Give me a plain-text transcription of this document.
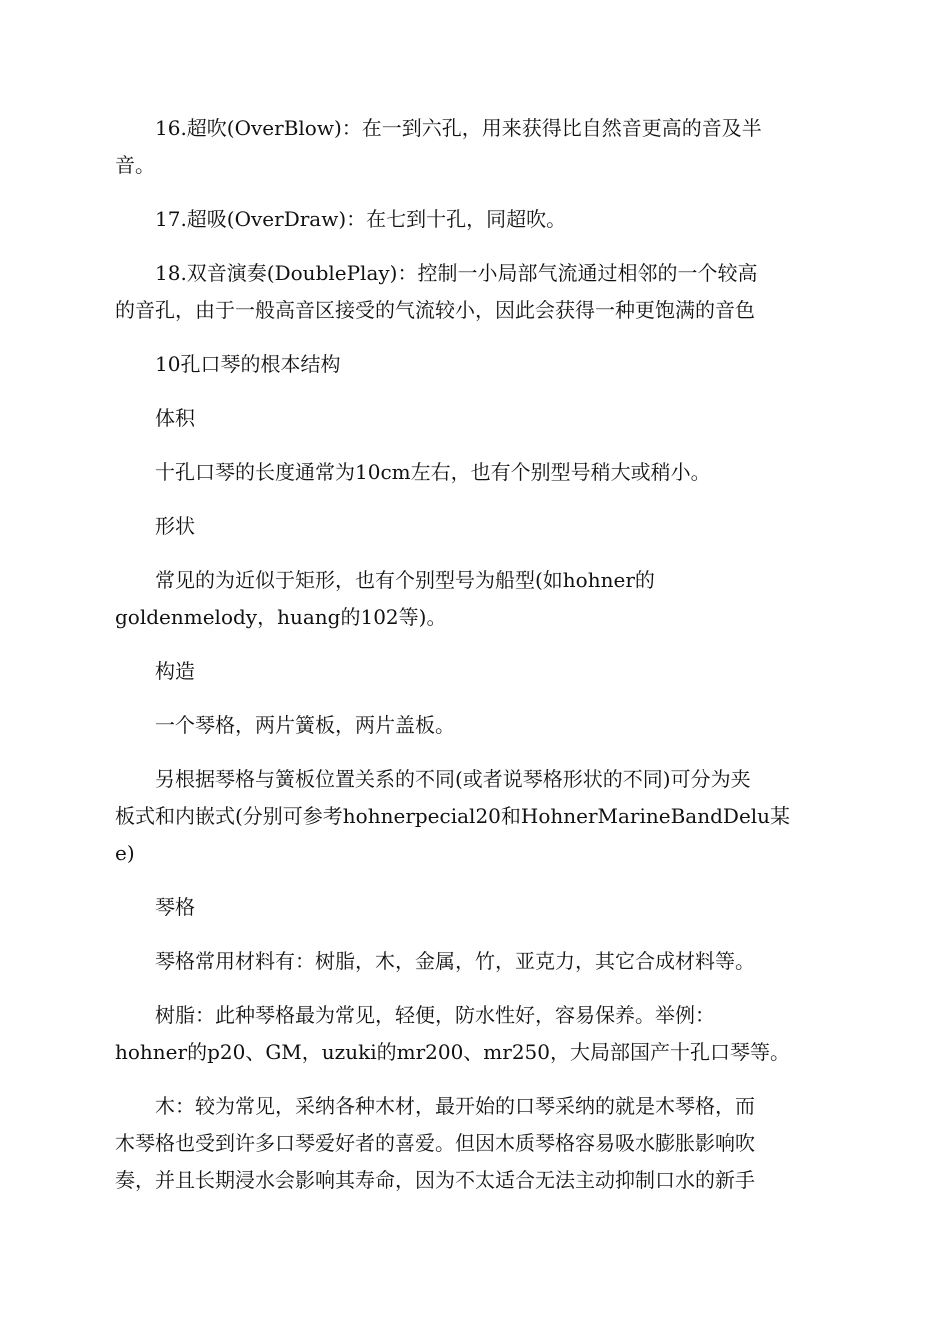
16.超吹(OverBlow)：在一到六孔，用来获得比自然音更高的音及半
音。

17.超吸(OverDraw)：在七到十孔，同超吹。

18.双音演奏(DoublePlay)：控制一小局部气流通过相邻的一个较高
的音孔，由于一般高音区接受的气流较小，因此会获得一种更饱满的音色

10孔口琴的根本结构

体积

十孔口琴的长度通常为10cm左右，也有个别型号稍大或稍小。

形状

常见的为近似于矩形，也有个别型号为船型(如hohner的
goldenmelody，huang的102等)。

构造

一个琴格，两片簧板，两片盖板。

另根据琴格与簧板位置关系的不同(或者说琴格形状的不同)可分为夹
板式和内嵌式(分别可参考hohnerpecial20和HohnerMarineBandDelu某
e)

琴格

琴格常用材料有：树脂，木，金属，竹，亚克力，其它合成材料等。

树脂：此种琴格最为常见，轻便，防水性好，容易保养。举例：
hohner的p20、GM，uzuki的mr200、mr250，大局部国产十孔口琴等。

木：较为常见，采纳各种木材，最开始的口琴采纳的就是木琴格，而
木琴格也受到许多口琴爱好者的喜爱。但因木质琴格容易吸水膨胀影响吹
奏，并且长期浸水会影响其寿命，因为不太适合无法主动抑制口水的新手
